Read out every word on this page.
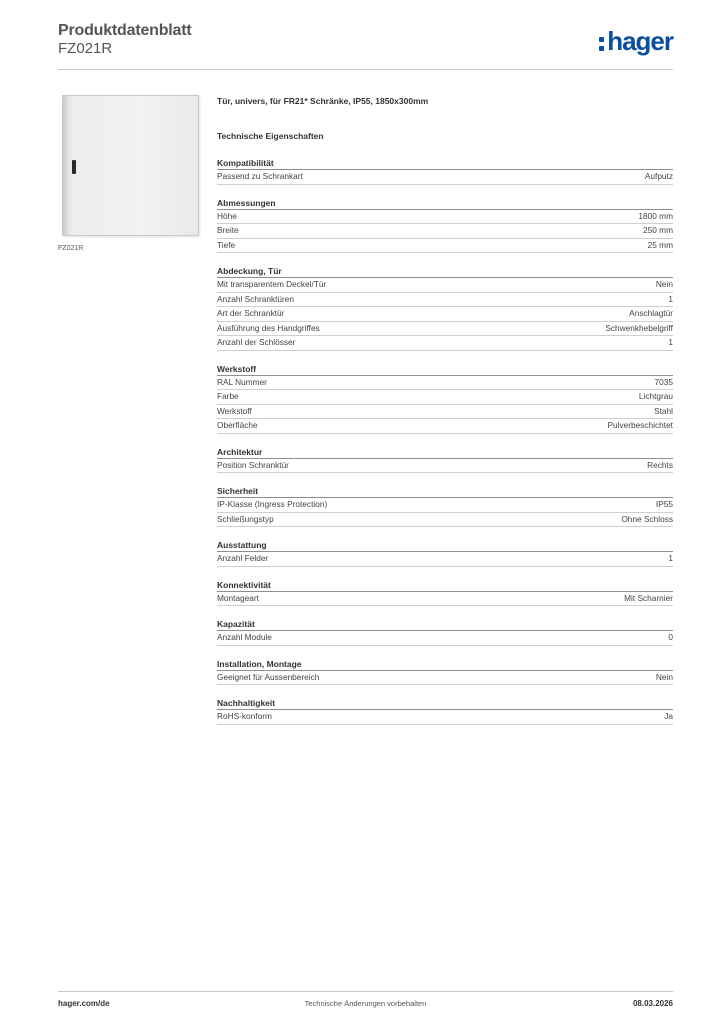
Produktdatenblatt
FZ021R	hager
FZ021R
Tür, univers, für FR21* Schränke, IP55, 1850x300mm
Technische Eigenschaften
Kompatibilität
Passend zu Schrankart	Aufputz
Abmessungen
Höhe	1800 mm
Breite	250 mm
Tiefe	25 mm
Abdeckung, Tür
Mit transparentem Deckel/Tür	Nein
Anzahl Schranktüren	1
Art der Schranktür	Anschlagtür
Ausführung des Handgriffes	Schwenkhebelgriff
Anzahl der Schlösser	1
Werkstoff
RAL Nummer	7035
Farbe	Lichtgrau
Werkstoff	Stahl
Oberfläche	Pulverbeschichtet
Architektur
Position Schranktür	Rechts
Sicherheit
IP-Klasse (Ingress Protection)	IP55
Schließungstyp	Ohne Schloss
Ausstattung
Anzahl Felder	1
Konnektivität
Montageart	Mit Scharnier
Kapazität
Anzahl Module	0
Installation, Montage
Geeignet für Aussenbereich	Nein
Nachhaltigkeit
RoHS-konform	Ja
hager.com/de	Technische Änderungen vorbehalten	08.03.2026
